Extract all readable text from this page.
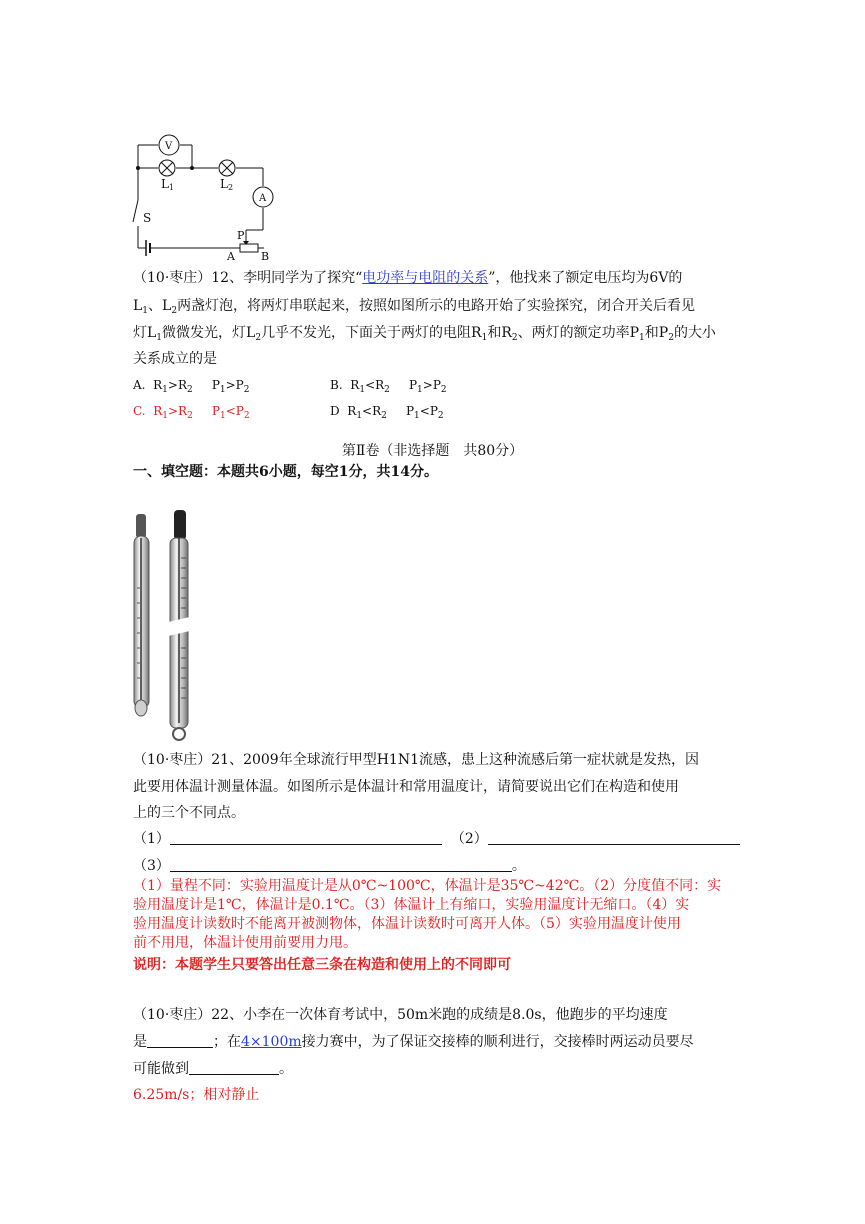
V
A
L1	L2
S
P
A B
（10·枣庄）12、李明同学为了探究“电功率与电阻的关系”，他找来了额定电压均为6V的
$L_1$、$L_2$两盏灯泡，将两灯串联起来，按照如图所示的电路开始了实验探究，闭合开关后看见
灯$L_1$微微发光，灯$L_2$几乎不发光，下面关于两灯的电阻$R_1$和$R_2$、两灯的额定功率$P_1$和$P_2$的大小
关系成立的是
A. $R_1>R_2$ $P_1>P_2$	B. $R_1<R_2$ $P_1>P_2$
C. $R_1>R_2$ $P_1<P_2$	D $R_1<R_2$ $P_1<P_2$
第Ⅱ卷（非选择题　共80分）
一、填空题：本题共6小题，每空1分，共14分。
（10·枣庄）21、2009年全球流行甲型H1N1流感，患上这种流感后第一症状就是发热，因
此要用体温计测量体温。如图所示是体温计和常用温度计，请简要说出它们在构造和使用
上的三个不同点。
（1）	（2）
（3）	。
（1）量程不同：实验用温度计是从0℃~100℃，体温计是35℃~42℃。（2）分度值不同：实
验用温度计是1℃，体温计是0.1℃。（3）体温计上有缩口，实验用温度计无缩口。（4）实
验用温度计读数时不能离开被测物体，体温计读数时可离开人体。（5）实验用温度计使用
前不用甩，体温计使用前要用力甩。
说明：本题学生只要答出任意三条在构造和使用上的不同即可
（10·枣庄）22、小李在一次体育考试中，50m米跑的成绩是8.0s，他跑步的平均速度
是	；在4×100m接力赛中，为了保证交接棒的顺利进行，交接棒时两运动员要尽
可能做到	。
6.25m/s；相对静止
